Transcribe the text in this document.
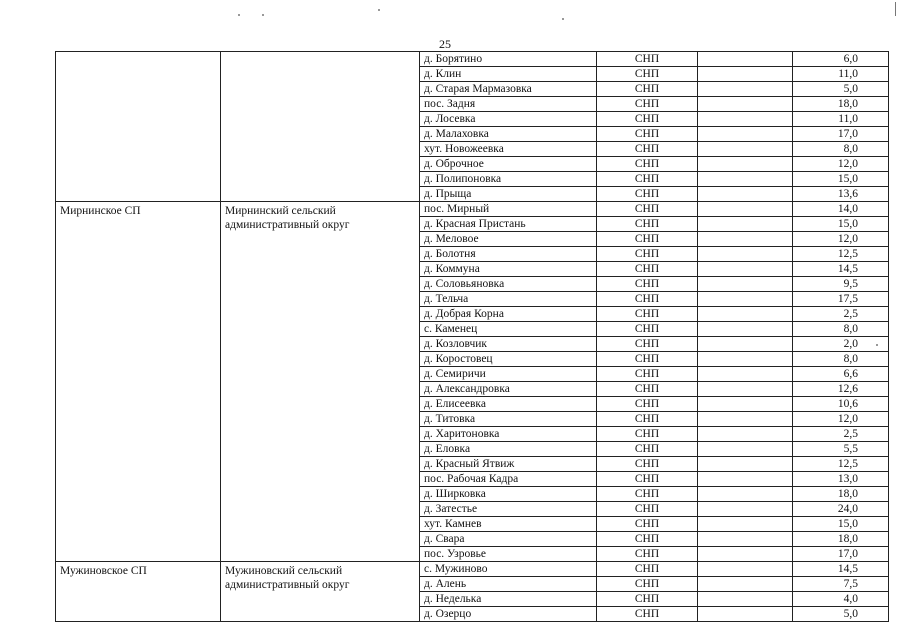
25
		д. Борятино	СНП		6,0
		д. Клин	СНП		11,0
		д. Старая Мармазовка	СНП		5,0
		пос. Задня	СНП		18,0
		д. Лосевка	СНП		11,0
		д. Малаховка	СНП		17,0
		хут. Новожеевка	СНП		8,0
		д. Оброчное	СНП		12,0
		д. Полипоновка	СНП		15,0
		д. Прыща	СНП		13,6
Мирнинское СП	Мирнинский сельский административный округ	пос. Мирный	СНП		14,0
		д. Красная Пристань	СНП		15,0
		д. Меловое	СНП		12,0
		д. Болотня	СНП		12,5
		д. Коммуна	СНП		14,5
		д. Соловьяновка	СНП		9,5
		д. Тельча	СНП		17,5
		д. Добрая Корна	СНП		2,5
		с. Каменец	СНП		8,0
		д. Козловчик	СНП		2,0
		д. Коростовец	СНП		8,0
		д. Семиричи	СНП		6,6
		д. Александровка	СНП		12,6
		д. Елисеевка	СНП		10,6
		д. Титовка	СНП		12,0
		д. Харитоновка	СНП		2,5
		д. Еловка	СНП		5,5
		д. Красный Ятвиж	СНП		12,5
		пос. Рабочая Кадра	СНП		13,0
		д. Ширковка	СНП		18,0
		д. Затестье	СНП		24,0
		хут. Камнев	СНП		15,0
		д. Свара	СНП		18,0
		пос. Узровье	СНП		17,0
Мужиновское СП	Мужиновский сельский административный округ	с. Мужиново	СНП		14,5
		д. Алень	СНП		7,5
		д. Неделька	СНП		4,0
		д. Озерцо	СНП		5,0
